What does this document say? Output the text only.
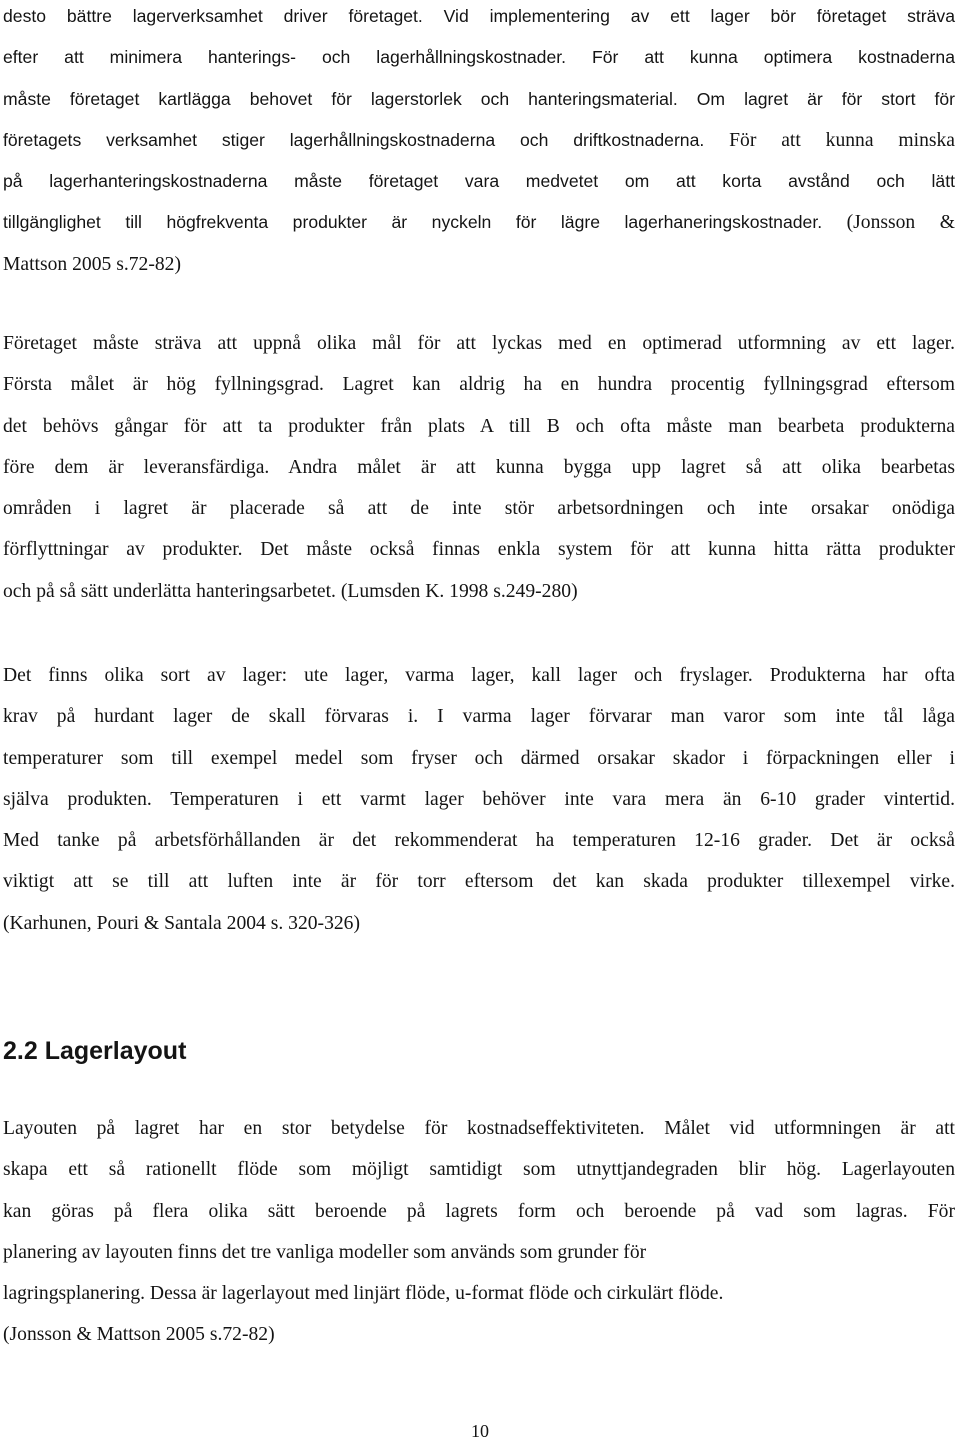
desto bättre lagerverksamhet driver företaget. Vid implementering av ett lager bör företaget sträva
efter att minimera hanterings- och lagerhållningskostnader. För att kunna optimera kostnaderna
måste företaget kartlägga behovet för lagerstorlek och hanteringsmaterial. Om lagret är för stort för
företagets verksamhet stiger lagerhållningskostnaderna och driftkostnaderna. För att kunna minska
på lagerhanteringskostnaderna måste företaget vara medvetet om att korta avstånd och lätt
tillgänglighet till högfrekventa produkter är nyckeln för lägre lagerhaneringskostnader. (Jonsson &
Mattson 2005 s.72-82)
Företaget måste sträva att uppnå olika mål för att lyckas med en optimerad utformning av ett lager.
Första målet är hög fyllningsgrad. Lagret kan aldrig ha en hundra procentig fyllningsgrad eftersom
det behövs gångar för att ta produkter från plats A till B och ofta måste man bearbeta produkterna
före dem är leveransfärdiga. Andra målet är att kunna bygga upp lagret så att olika bearbetas
områden i lagret är placerade så att de inte stör arbetsordningen och inte orsakar onödiga
förflyttningar av produkter. Det måste också finnas enkla system för att kunna hitta rätta produkter
och på så sätt underlätta hanteringsarbetet. (Lumsden K. 1998 s.249-280)
Det finns olika sort av lager: ute lager, varma lager, kall lager och fryslager. Produkterna har ofta
krav på hurdant lager de skall förvaras i. I varma lager förvarar man varor som inte tål låga
temperaturer som till exempel medel som fryser och därmed orsakar skador i förpackningen eller i
själva produkten. Temperaturen i ett varmt lager behöver inte vara mera än 6-10 grader vintertid.
Med tanke på arbetsförhållanden är det rekommenderat ha temperaturen 12-16 grader. Det är också
viktigt att se till att luften inte är för torr eftersom det kan skada produkter tillexempel virke.
(Karhunen, Pouri & Santala 2004 s. 320-326)
2.2 Lagerlayout
Layouten på lagret har en stor betydelse för kostnadseffektiviteten. Målet vid utformningen är att
skapa ett så rationellt flöde som möjligt samtidigt som utnyttjandegraden blir hög. Lagerlayouten
kan göras på flera olika sätt beroende på lagrets form och beroende på vad som lagras. För
planering av layouten finns det tre vanliga modeller som används som grunder för
lagringsplanering. Dessa är lagerlayout med linjärt flöde, u-format flöde och cirkulärt flöde.
(Jonsson & Mattson 2005 s.72-82)
10
